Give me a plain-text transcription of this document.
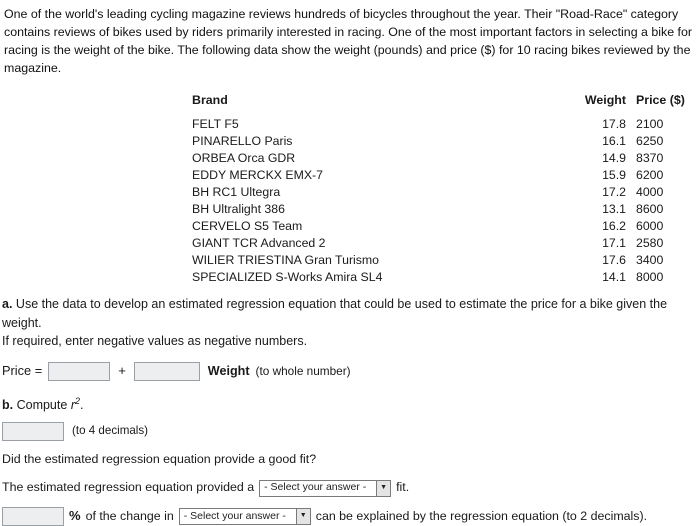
One of the world's leading cycling magazine reviews hundreds of bicycles throughout the year. Their "Road-Race" category contains reviews of bikes used by riders primarily interested in racing. One of the most important factors in selecting a bike for racing is the weight of the bike. The following data show the weight (pounds) and price ($) for 10 racing bikes reviewed by the magazine.

	Brand	Weight	Price ($)	
	FELT F5	17.8	2100	
	PINARELLO Paris	16.1	6250	
	ORBEA Orca GDR	14.9	8370	
	EDDY MERCKX EMX-7	15.9	6200	
	BH RC1 Ultegra	17.2	4000	
	BH Ultralight 386	13.1	8600	
	CERVELO S5 Team	16.2	6000	
	GIANT TCR Advanced 2	17.1	2580	
	WILIER TRIESTINA Gran Turismo	17.6	3400	
	SPECIALIZED S-Works Amira SL4	14.1	8000	

a. Use the data to develop an estimated regression equation that could be used to estimate the price for a bike given the weight.

If required, enter negative values as negative numbers.

Price =	+	Weight (to whole number)

b. Compute $r^2$.

(to 4 decimals)

Did the estimated regression equation provide a good fit?

The estimated regression equation provided a - Select your answer -	▼ fit.
% of the change in - Select your answer -	▼ can be explained by the regression equation (to 2 decimals).
